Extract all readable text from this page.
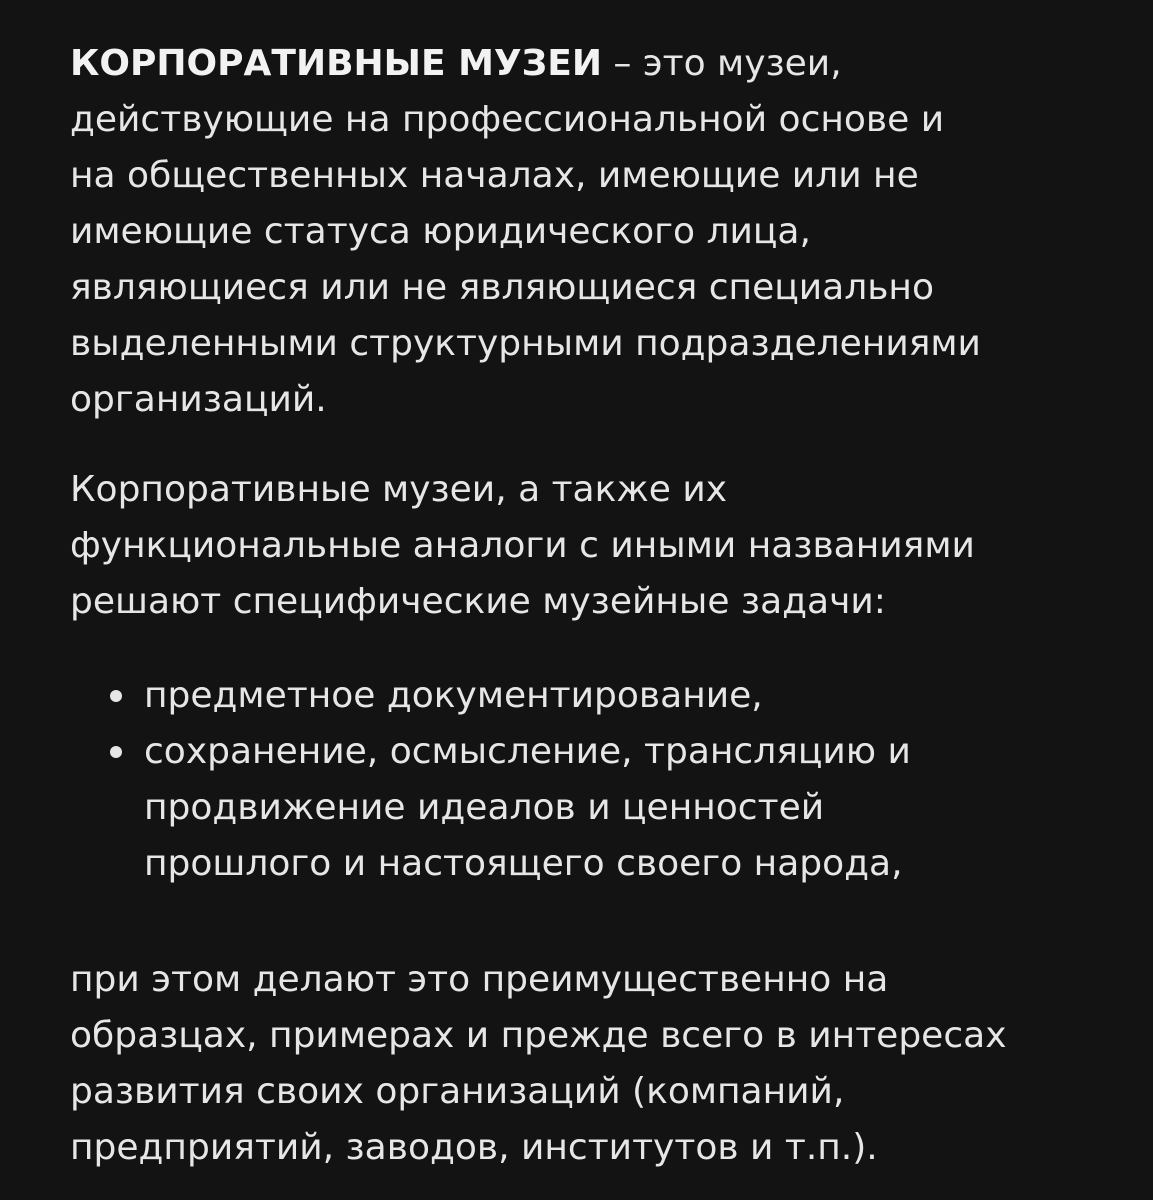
КОРПОРАТИВНЫЕ МУЗЕИ – это музеи,
действующие на профессиональной основе и
на общественных началах, имеющие или не
имеющие статуса юридического лица,
являющиеся или не являющиеся специально
выделенными структурными подразделениями
организаций.

Корпоративные музеи, а также их
функциональные аналоги с иными названиями
решают специфические музейные задачи:

предметное документирование,
сохранение, осмысление, трансляцию и
продвижение идеалов и ценностей
прошлого и настоящего своего народа,

при этом делают это преимущественно на
образцах, примерах и прежде всего в интересах
развития своих организаций (компаний,
предприятий, заводов, институтов и т.п.).
